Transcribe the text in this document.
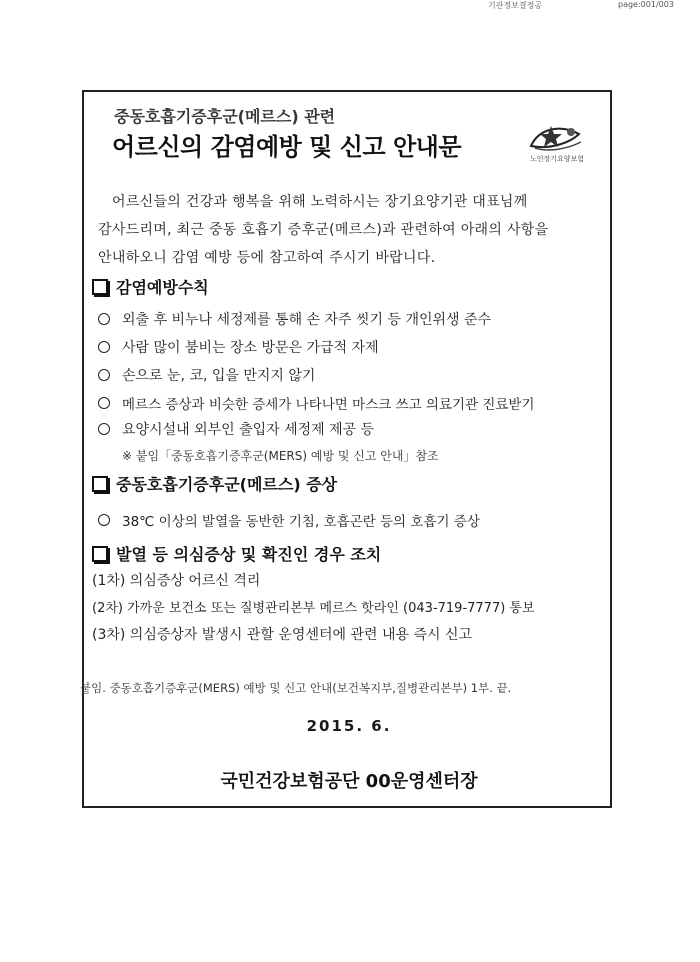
기관정보결정공	page:001/003
중동호흡기증후군(메르스) 관련
어르신의 감염예방 및 신고 안내문	노인장기요양보험
어르신들의 건강과 행복을 위해 노력하시는 장기요양기관 대표님께
감사드리며, 최근 중동 호흡기 증후군(메르스)과 관련하여 아래의 사항을
안내하오니 감염 예방 등에 참고하여 주시기 바랍니다.
감염예방수칙
외출 후 비누나 세정제를 통해 손 자주 씻기 등 개인위생 준수
사람 많이 붐비는 장소 방문은 가급적 자제
손으로 눈, 코, 입을 만지지 않기
메르스 증상과 비슷한 증세가 나타나면 마스크 쓰고 의료기관 진료받기
요양시설내 외부인 출입자 세정제 제공 등
※ 붙임「중동호흡기증후군(MERS) 예방 및 신고 안내」참조
중동호흡기증후군(메르스) 증상
38℃ 이상의 발열을 동반한 기침, 호흡곤란 등의 호흡기 증상
발열 등 의심증상 및 확진인 경우 조치
(1차) 의심증상 어르신 격리
(2차) 가까운 보건소 또는 질병관리본부 메르스 핫라인 (043-719-7777) 통보
(3차) 의심증상자 발생시 관할 운영센터에 관련 내용 즉시 신고
붙임. 중동호흡기증후군(MERS) 예방 및 신고 안내(보건복지부,질병관리본부) 1부. 끝.
2015. 6.
국민건강보험공단 00운영센터장
